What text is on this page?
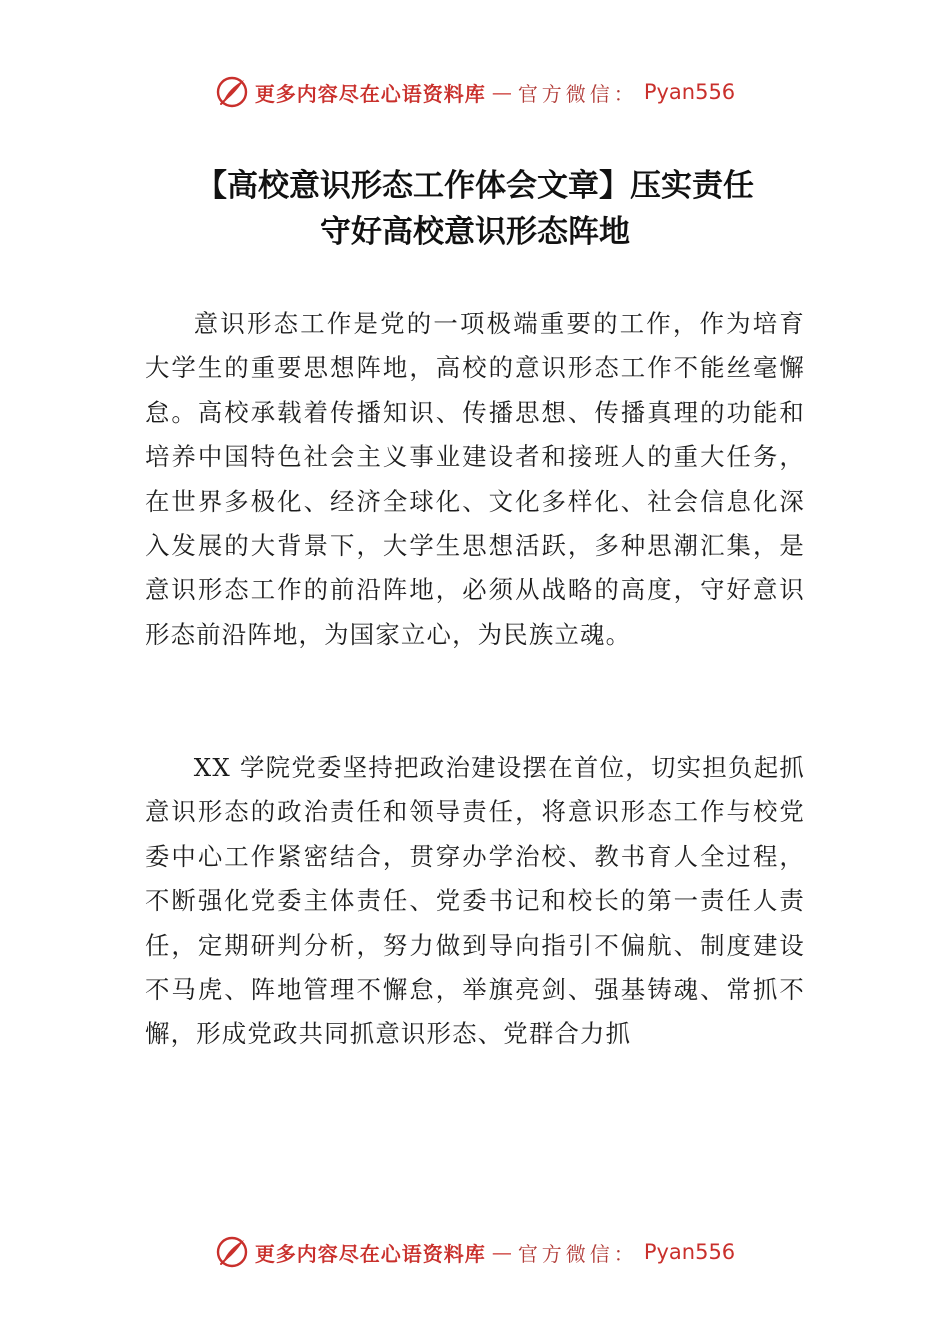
更多内容尽在心语资料库 — 官方微信： Pyan556
【高校意识形态工作体会文章】压实责任
守好高校意识形态阵地

意识形态工作是党的一项极端重要的工作，作为培育大学生的重要思想阵地，高校的意识形态工作不能丝毫懈怠。高校承载着传播知识、传播思想、传播真理的功能和培养中国特色社会主义事业建设者和接班人的重大任务，在世界多极化、经济全球化、文化多样化、社会信息化深入发展的大背景下，大学生思想活跃，多种思潮汇集，是意识形态工作的前沿阵地，必须从战略的高度，守好意识形态前沿阵地，为国家立心，为民族立魂。

XX 学院党委坚持把政治建设摆在首位，切实担负起抓意识形态的政治责任和领导责任，将意识形态工作与校党委中心工作紧密结合，贯穿办学治校、教书育人全过程，不断强化党委主体责任、党委书记和校长的第一责任人责任，定期研判分析，努力做到导向指引不偏航、制度建设不马虎、阵地管理不懈怠，举旗亮剑、强基铸魂、常抓不懈，形成党政共同抓意识形态、党群合力抓

更多内容尽在心语资料库 — 官方微信： Pyan556
